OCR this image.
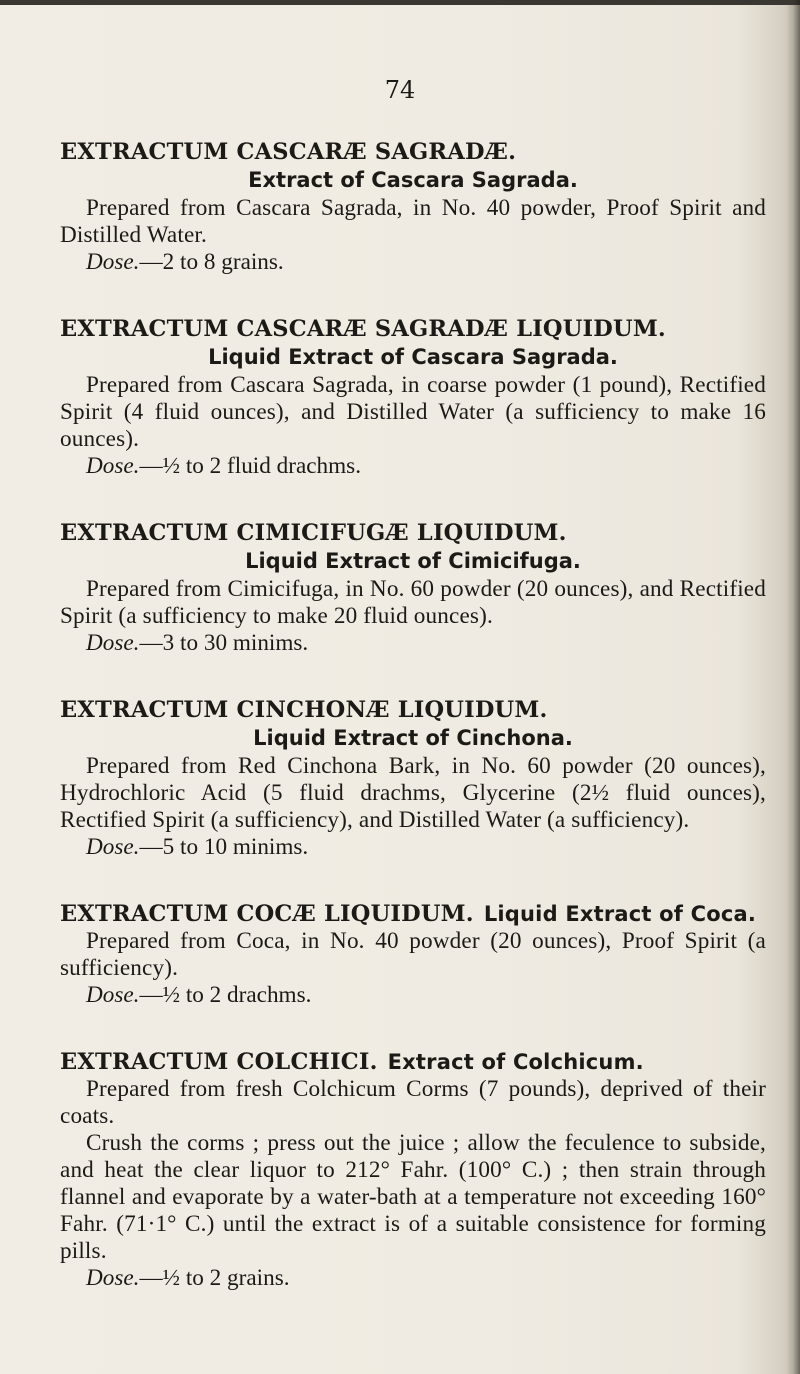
74

EXTRACTUM CASCARÆ SAGRADÆ.

Extract of Cascara Sagrada.

Prepared from Cascara Sagrada, in No. 40 powder, Proof Spirit and Distilled Water.

Dose.—2 to 8 grains.

EXTRACTUM CASCARÆ SAGRADÆ LIQUIDUM.

Liquid Extract of Cascara Sagrada.

Prepared from Cascara Sagrada, in coarse powder (1 pound), Rectified Spirit (4 fluid ounces), and Distilled Water (a sufficiency to make 16 ounces).

Dose.—½ to 2 fluid drachms.

EXTRACTUM CIMICIFUGÆ LIQUIDUM.

Liquid Extract of Cimicifuga.

Prepared from Cimicifuga, in No. 60 powder (20 ounces), and Rectified Spirit (a sufficiency to make 20 fluid ounces).

Dose.—3 to 30 minims.

EXTRACTUM CINCHONÆ LIQUIDUM.

Liquid Extract of Cinchona.

Prepared from Red Cinchona Bark, in No. 60 powder (20 ounces), Hydrochloric Acid (5 fluid drachms, Glycerine (2½ fluid ounces), Rectified Spirit (a sufficiency), and Distilled Water (a sufficiency).

Dose.—5 to 10 minims.

EXTRACTUM COCÆ LIQUIDUM. Liquid Extract of Coca.

Prepared from Coca, in No. 40 powder (20 ounces), Proof Spirit (a sufficiency).

Dose.—½ to 2 drachms.

EXTRACTUM COLCHICI. Extract of Colchicum.

Prepared from fresh Colchicum Corms (7 pounds), deprived of their coats.

Crush the corms ; press out the juice ; allow the feculence to subside, and heat the clear liquor to 212° Fahr. (100° C.) ; then strain through flannel and evaporate by a water-bath at a temperature not exceeding 160° Fahr. (71·1° C.) until the extract is of a suitable consistence for forming pills.

Dose.—½ to 2 grains.
